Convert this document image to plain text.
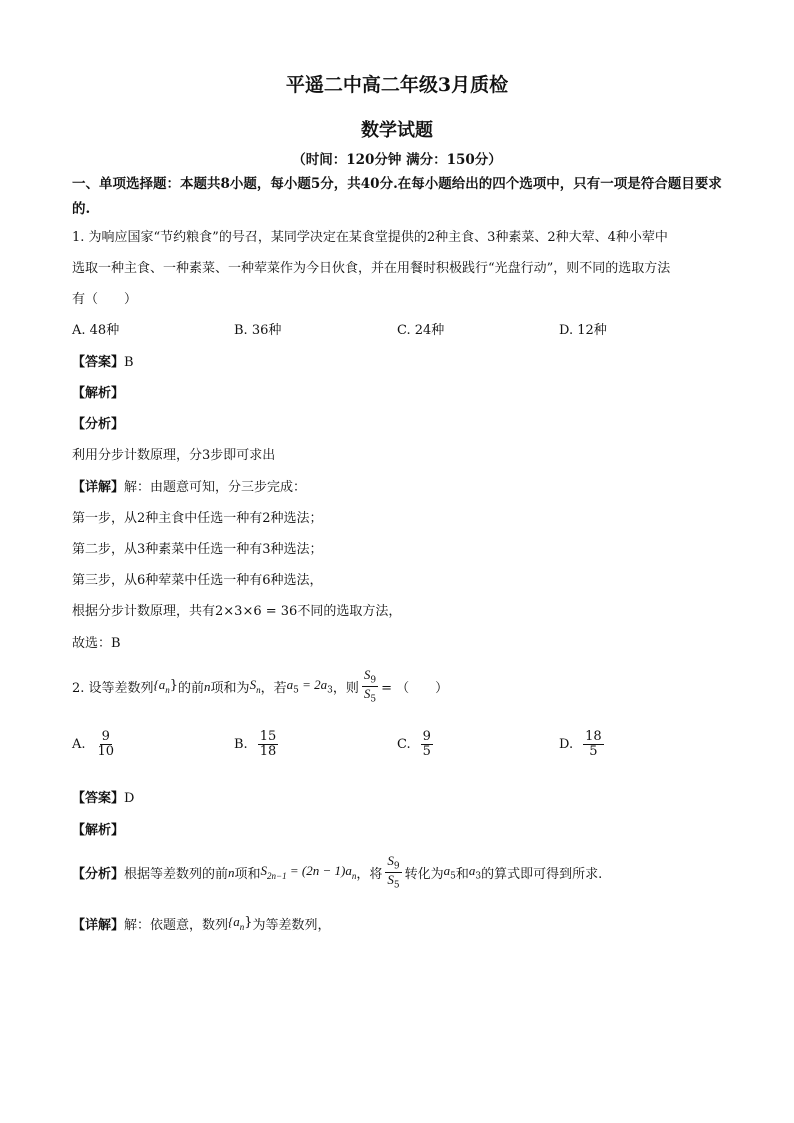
平遥二中高二年级3月质检
数学试题
（时间：120分钟 满分：150分）
一、单项选择题：本题共8小题，每小题5分，共40分.在每小题给出的四个选项中，只有一项是符合题目要求的.
1. 为响应国家“节约粮食”的号召，某同学决定在某食堂提供的2种主食、3种素菜、2种大荤、4种小荤中
选取一种主食、一种素菜、一种荤菜作为今日伙食，并在用餐时积极践行“光盘行动”，则不同的选取方法
有（　　）
A. 48种	B. 36种	C. 24种	D. 12种
【答案】B
【解析】
【分析】
利用分步计数原理，分3步即可求出
【详解】解：由题意可知，分三步完成：
第一步，从2种主食中任选一种有2种选法；
第二步，从3种素菜中任选一种有3种选法；
第三步，从6种荤菜中任选一种有6种选法，
根据分步计数原理，共有2×3×6 = 36不同的选取方法，
故选：B
2. 设等差数列 $\{a_n\}$ 的前 n 项和为 $S_n$ ，若 $a_5 = 2a_3$ ，则 $\frac{S_9}{S_5}$ = （　　）
A. $\frac{9}{10}$	B. $\frac{15}{18}$	C. $\frac{9}{5}$	D. $\frac{18}{5}$
【答案】D
【解析】
【分析】 根据等差数列的前 n 项和 $S_{2n-1} = (2n - 1)a_n$ ，将 $\frac{S_9}{S_5}$ 转化为 $a_5$ 和 $a_3$ 的算式即可得到所求.
【详解】 解：依题意，数列 $\{a_n\}$ 为等差数列，
